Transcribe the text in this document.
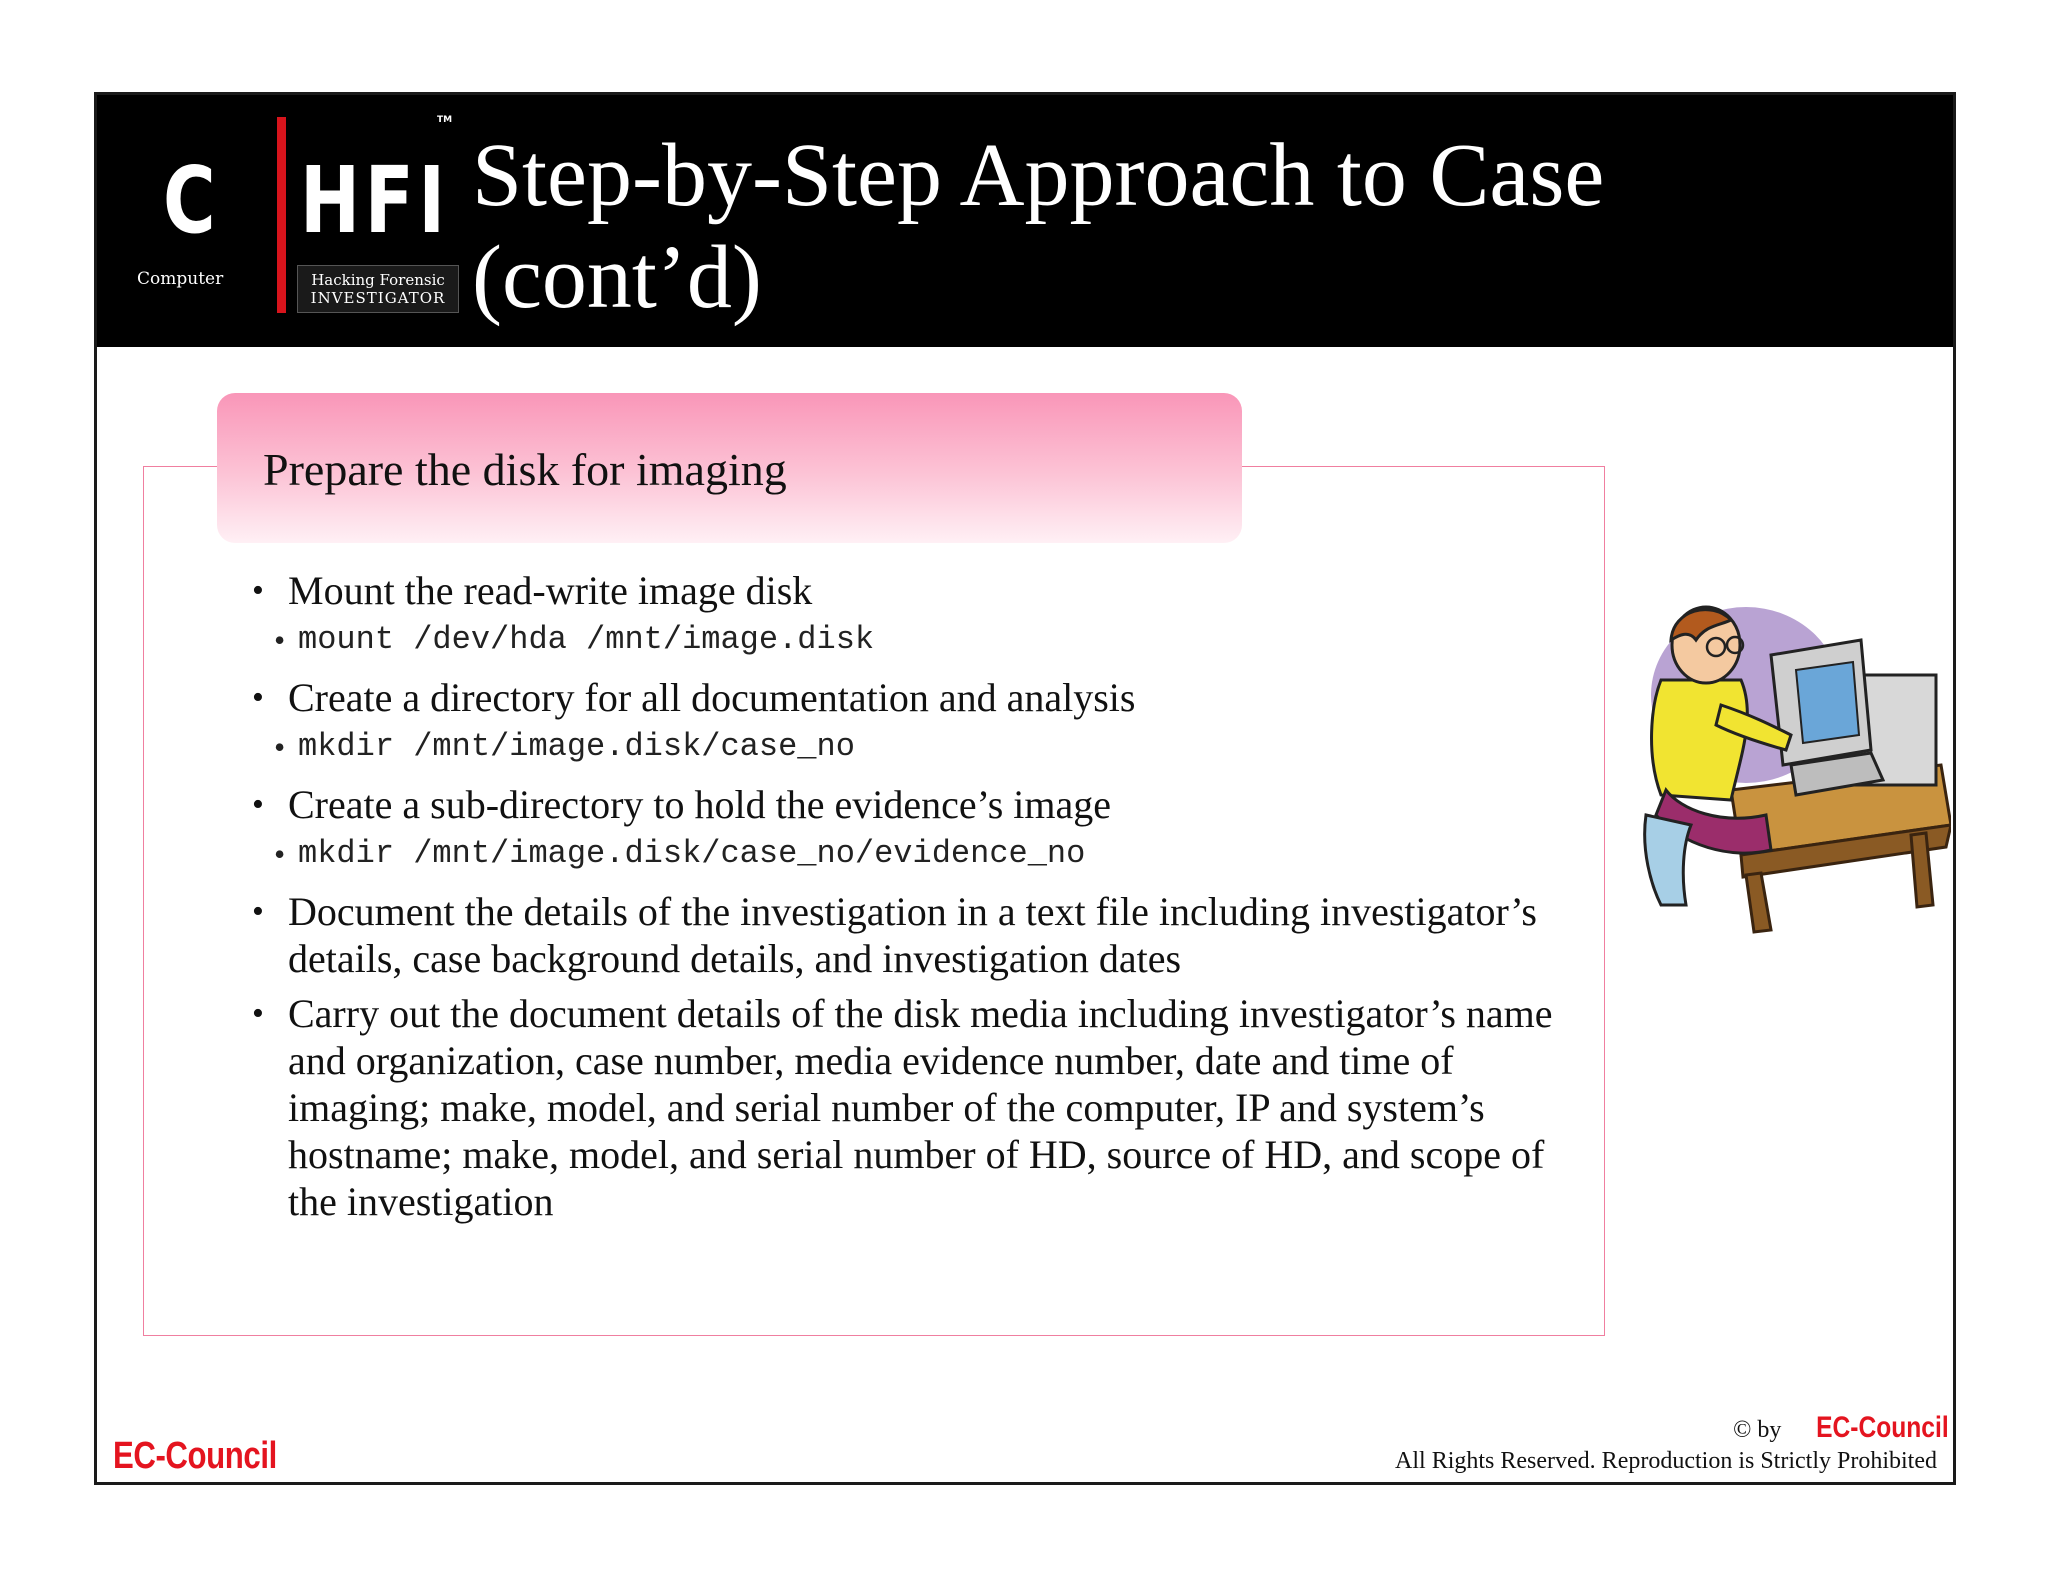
TM
C HFI
Computer	Hacking Forensic
INVESTIGATOR
Step-by-Step Approach to Case (cont’d)
Prepare the disk for imaging
• Mount the read-write image disk
• mount /dev/hda /mnt/image.disk
• Create a directory for all documentation and analysis
• mkdir /mnt/image.disk/case_no
• Create a sub-directory to hold the evidence’s image
• mkdir /mnt/image.disk/case_no/evidence_no
• Document the details of the investigation in a text file including investigator’s details, case background details, and investigation dates
• Carry out the document details of the disk media including investigator’s name and organization, case number, media evidence number, date and time of imaging; make, model, and serial number of the computer, IP and system’s hostname; make, model, and serial number of HD, source of HD, and scope of the investigation
EC-Council
© by EC-Council
All Rights Reserved. Reproduction is Strictly Prohibited
